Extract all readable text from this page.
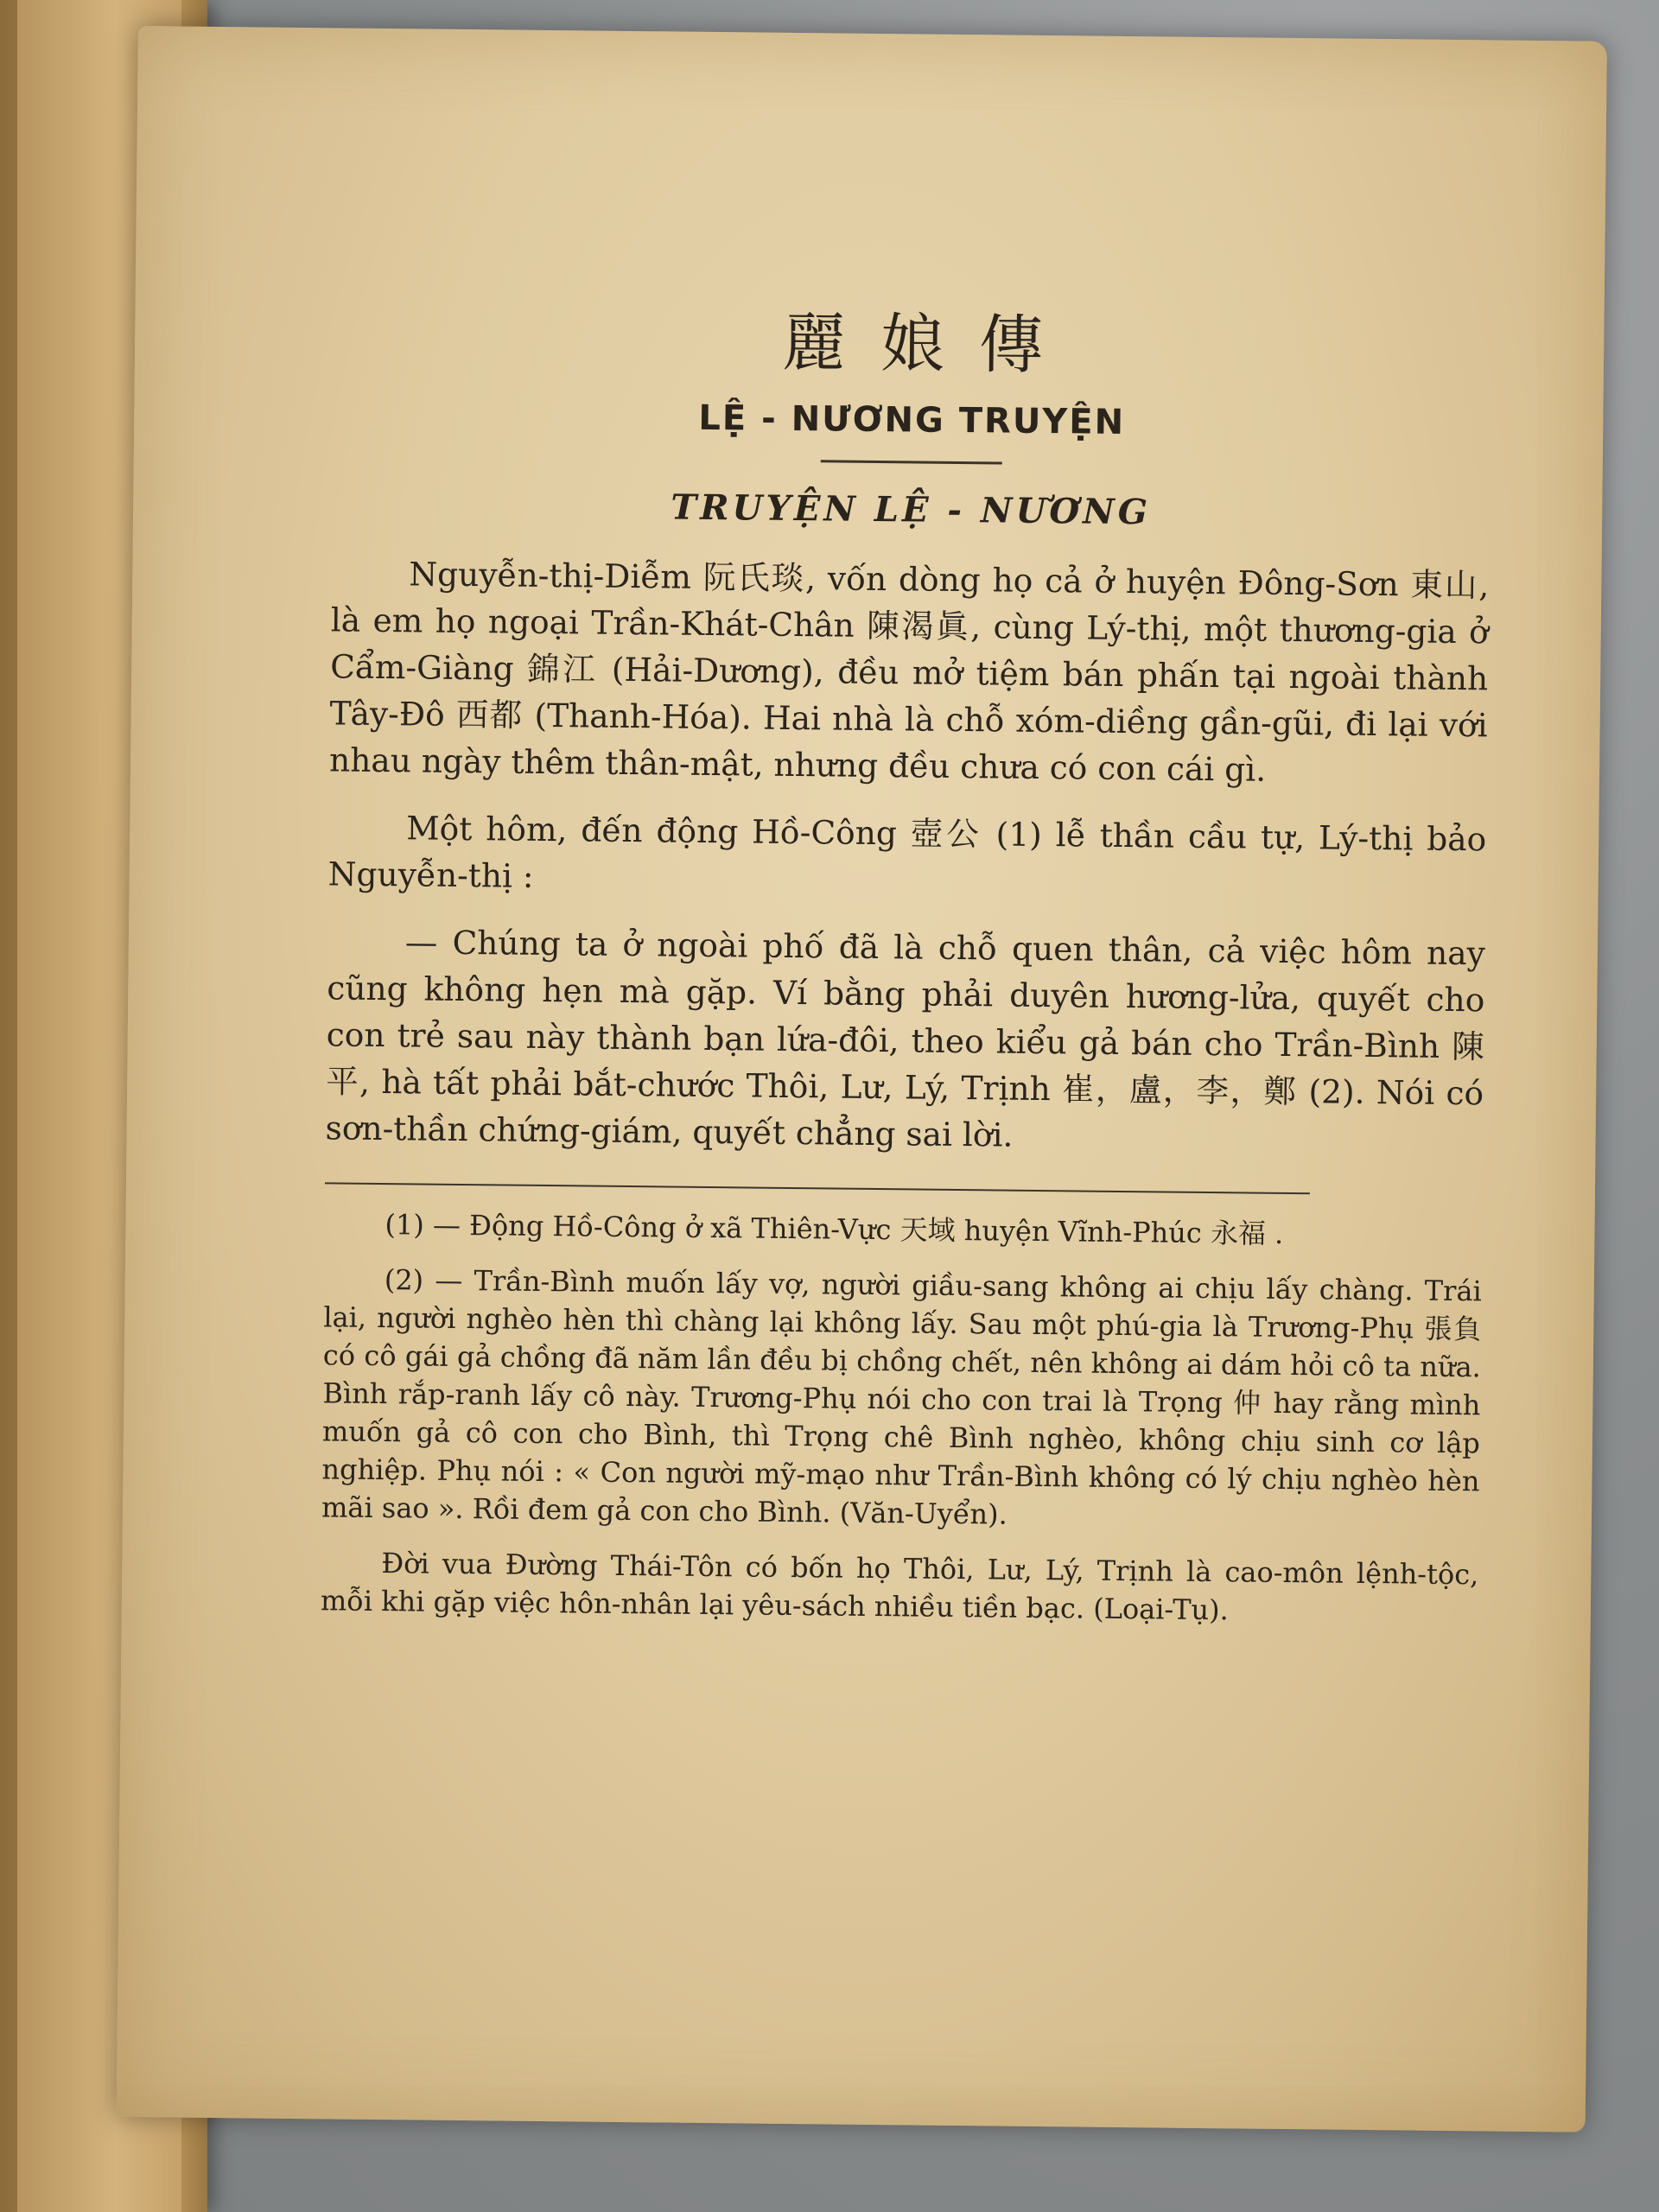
麗娘傳
LỆ - NƯƠNG TRUYỆN
TRUYỆN LỆ - NƯƠNG

Nguyễn-thị-Diễm 阮氏琰, vốn dòng họ cả ở huyện Đông-Sơn 東山, là em họ ngoại Trần-Khát-Chân 陳渴眞, cùng Lý-thị, một thương-gia ở Cẩm-Giàng 錦江 (Hải-Dương), đều mở tiệm bán phấn tại ngoài thành Tây-Đô 西都 (Thanh-Hóa). Hai nhà là chỗ xóm-diềng gần-gũi, đi lại với nhau ngày thêm thân-mật, nhưng đều chưa có con cái gì.

Một hôm, đến động Hồ-Công 壺公 (1) lễ thần cầu tự, Lý-thị bảo Nguyễn-thị :

— Chúng ta ở ngoài phố đã là chỗ quen thân, cả việc hôm nay cũng không hẹn mà gặp. Ví bằng phải duyên hương-lửa, quyết cho con trẻ sau này thành bạn lứa-đôi, theo kiểu gả bán cho Trần-Bình 陳平, hà tất phải bắt-chước Thôi, Lư, Lý, Trịnh 崔，盧，李，鄭 (2). Nói có sơn-thần chứng-giám, quyết chẳng sai lời.

(1) — Động Hồ-Công ở xã Thiên-Vực 天域 huyện Vĩnh-Phúc 永福 .

(2) — Trần-Bình muốn lấy vợ, người giầu-sang không ai chịu lấy chàng. Trái lại, người nghèo hèn thì chàng lại không lấy. Sau một phú-gia là Trương-Phụ 張負 có cô gái gả chồng đã năm lần đều bị chồng chết, nên không ai dám hỏi cô ta nữa. Bình rắp-ranh lấy cô này. Trương-Phụ nói cho con trai là Trọng 仲 hay rằng mình muốn gả cô con cho Bình, thì Trọng chê Bình nghèo, không chịu sinh cơ lập nghiệp. Phụ nói : « Con người mỹ-mạo như Trần-Bình không có lý chịu nghèo hèn mãi sao ». Rồi đem gả con cho Bình. (Văn-Uyển).

Đời vua Đường Thái-Tôn có bốn họ Thôi, Lư, Lý, Trịnh là cao-môn lệnh-tộc, mỗi khi gặp việc hôn-nhân lại yêu-sách nhiều tiền bạc. (Loại-Tụ).
